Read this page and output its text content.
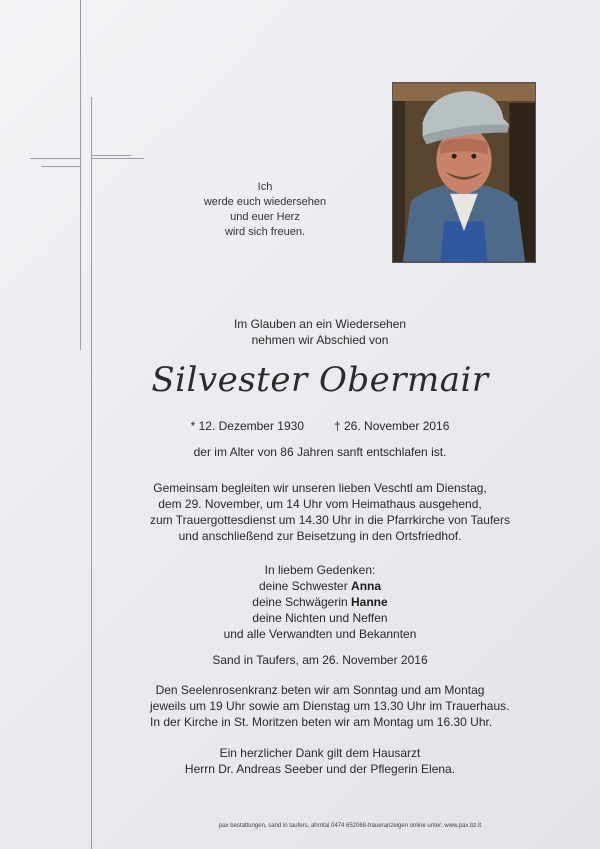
Ich
werde euch wiedersehen
und euer Herz
wird sich freuen.
Im Glauben an ein Wiedersehen
nehmen wir Abschied von
Silvester Obermair
* 12. Dezember 1930	† 26. November 2016
der im Alter von 86 Jahren sanft entschlafen ist.
Gemeinsam begleiten wir unseren lieben Veschtl am Dienstag,
dem 29. November, um 14 Uhr vom Heimathaus ausgehend,
zum Trauergottesdienst um 14.30 Uhr in die Pfarrkirche von Taufers
und anschließend zur Beisetzung in den Ortsfriedhof.
In liebem Gedenken:
deine Schwester Anna
deine Schwägerin Hanne
deine Nichten und Neffen
und alle Verwandten und Bekannten
Sand in Taufers, am 26. November 2016
Den Seelenrosenkranz beten wir am Sonntag und am Montag
jeweils um 19 Uhr sowie am Dienstag um 13.30 Uhr im Trauerhaus.
In der Kirche in St. Moritzen beten wir am Montag um 16.30 Uhr.
Ein herzlicher Dank gilt dem Hausarzt
Herrn Dr. Andreas Seeber und der Pflegerin Elena.
pax bestattungen, sand in taufers, ahrntal 0474 652068-traueranzeigen online unter: www.pax.bz.it
